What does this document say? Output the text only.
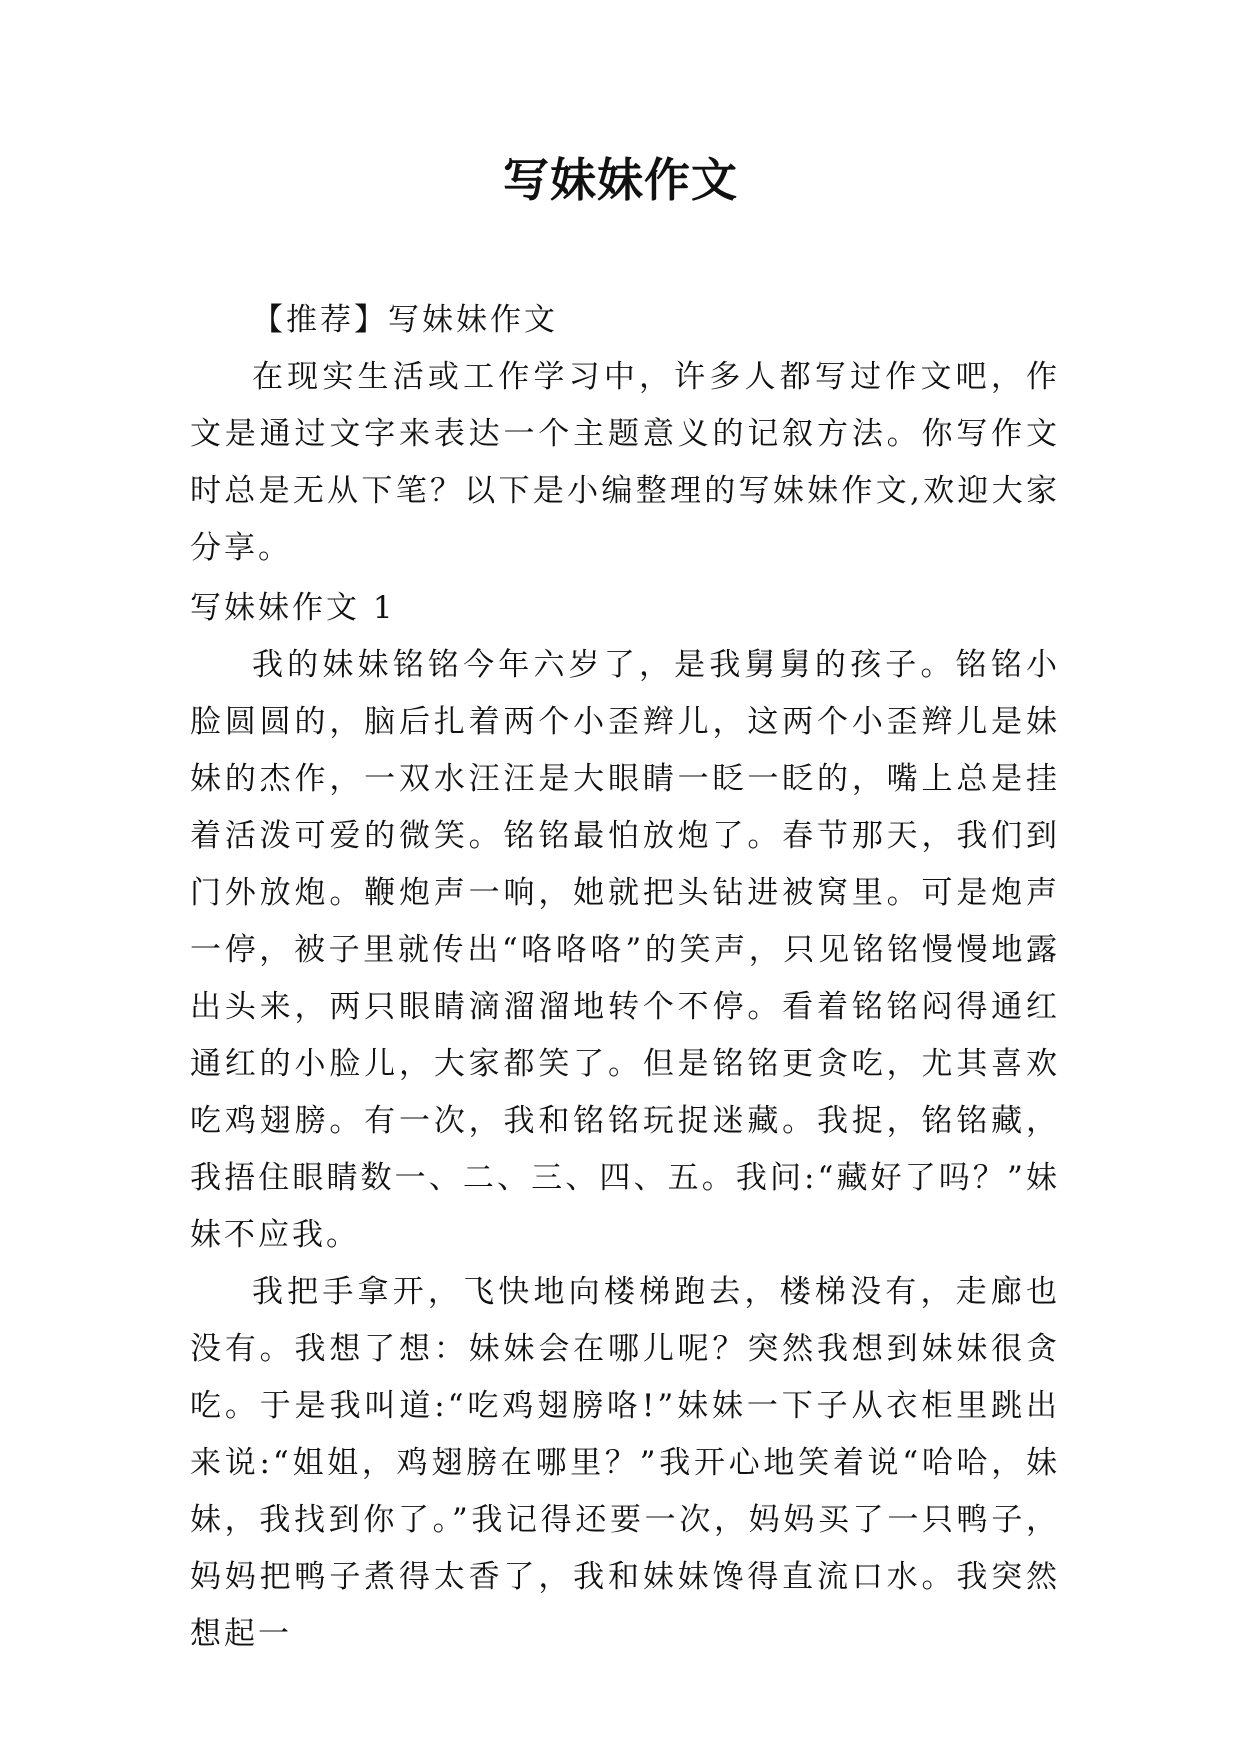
写妹妹作文

【推荐】写妹妹作文

在现实生活或工作学习中，许多人都写过作文吧，作文是通过文字来表达一个主题意义的记叙方法。你写作文时总是无从下笔？以下是小编整理的写妹妹作文,欢迎大家分享。

写妹妹作文 1

我的妹妹铭铭今年六岁了，是我舅舅的孩子。铭铭小脸圆圆的，脑后扎着两个小歪辫儿，这两个小歪辫儿是妹妹的杰作，一双水汪汪是大眼睛一眨一眨的，嘴上总是挂着活泼可爱的微笑。铭铭最怕放炮了。春节那天，我们到门外放炮。鞭炮声一响，她就把头钻进被窝里。可是炮声一停，被子里就传出“咯咯咯”的笑声，只见铭铭慢慢地露出头来，两只眼睛滴溜溜地转个不停。看着铭铭闷得通红通红的小脸儿，大家都笑了。但是铭铭更贪吃，尤其喜欢吃鸡翅膀。有一次，我和铭铭玩捉迷藏。我捉，铭铭藏，我捂住眼睛数一、二、三、四、五。我问:“藏好了吗？”妹妹不应我。

我把手拿开，飞快地向楼梯跑去，楼梯没有，走廊也没有。我想了想：妹妹会在哪儿呢？突然我想到妹妹很贪吃。于是我叫道:“吃鸡翅膀咯!”妹妹一下子从衣柜里跳出来说:“姐姐，鸡翅膀在哪里？”我开心地笑着说“哈哈，妹妹，我找到你了。”我记得还要一次，妈妈买了一只鸭子，妈妈把鸭子煮得太香了，我和妹妹馋得直流口水。我突然想起一
